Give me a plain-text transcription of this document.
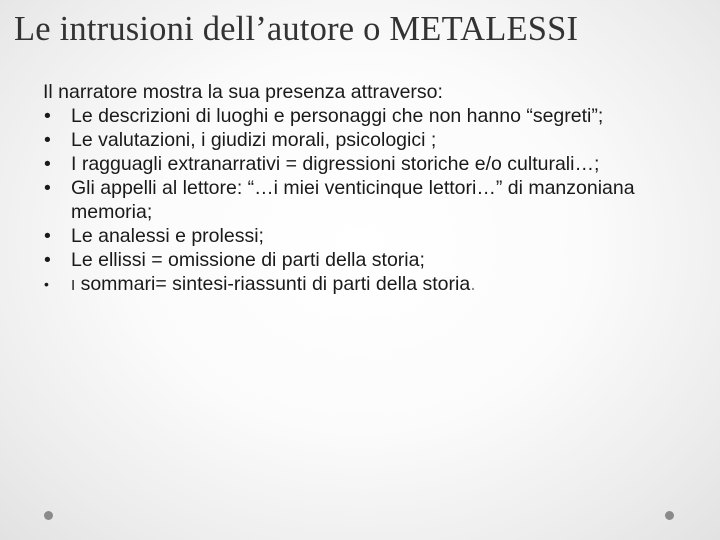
Le intrusioni dell’autore o METALESSI

Il narratore mostra la sua presenza attraverso:

• Le descrizioni di luoghi e personaggi che non hanno “segreti”;
• Le valutazioni, i giudizi morali, psicologici ;
• I ragguagli extranarrativi = digressioni storiche e/o culturali…;
• Gli appelli al lettore: “…i miei venticinque lettori…” di manzoniana memoria;
• Le analessi e prolessi;
• Le ellissi = omissione di parti della storia;
• I sommari= sintesi-riassunti di parti della storia.
